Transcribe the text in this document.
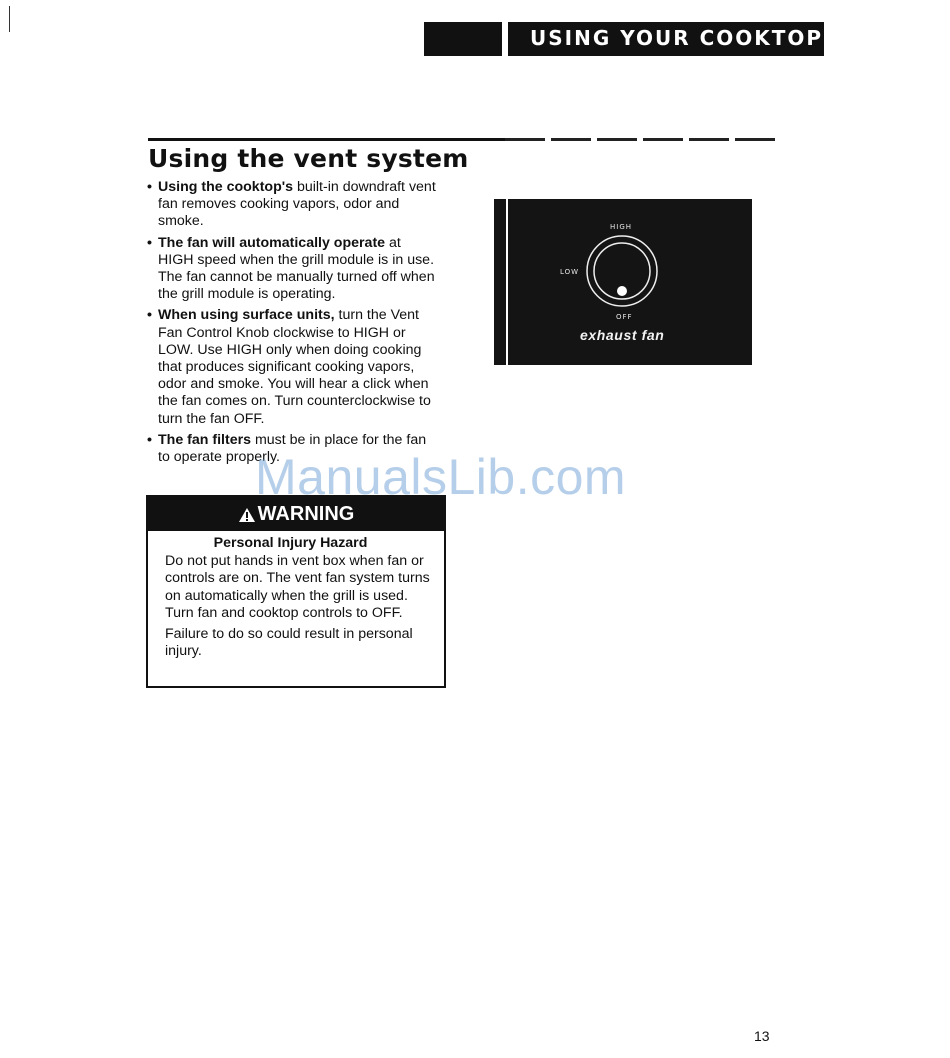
USING YOUR COOKTOP
Using the vent system
• Using the cooktop's built-in downdraft vent fan removes cooking vapors, odor and smoke.
• The fan will automatically operate at HIGH speed when the grill module is in use. The fan cannot be manually turned off when the grill module is operating.
• When using surface units, turn the Vent Fan Control Knob clockwise to HIGH or LOW. Use HIGH only when doing cooking that produces significant cooking vapors, odor and smoke. You will hear a click when the fan comes on. Turn counterclockwise to turn the fan OFF.
• The fan filters must be in place for the fan to operate properly.
WARNING
Personal Injury Hazard

Do not put hands in vent box when fan or controls are on. The vent fan system turns on automatically when the grill is used. Turn fan and cooktop controls to OFF.

Failure to do so could result in personal injury.

HIGH
LOW
OFF
exhaust fan
ManualsLib.com
13
